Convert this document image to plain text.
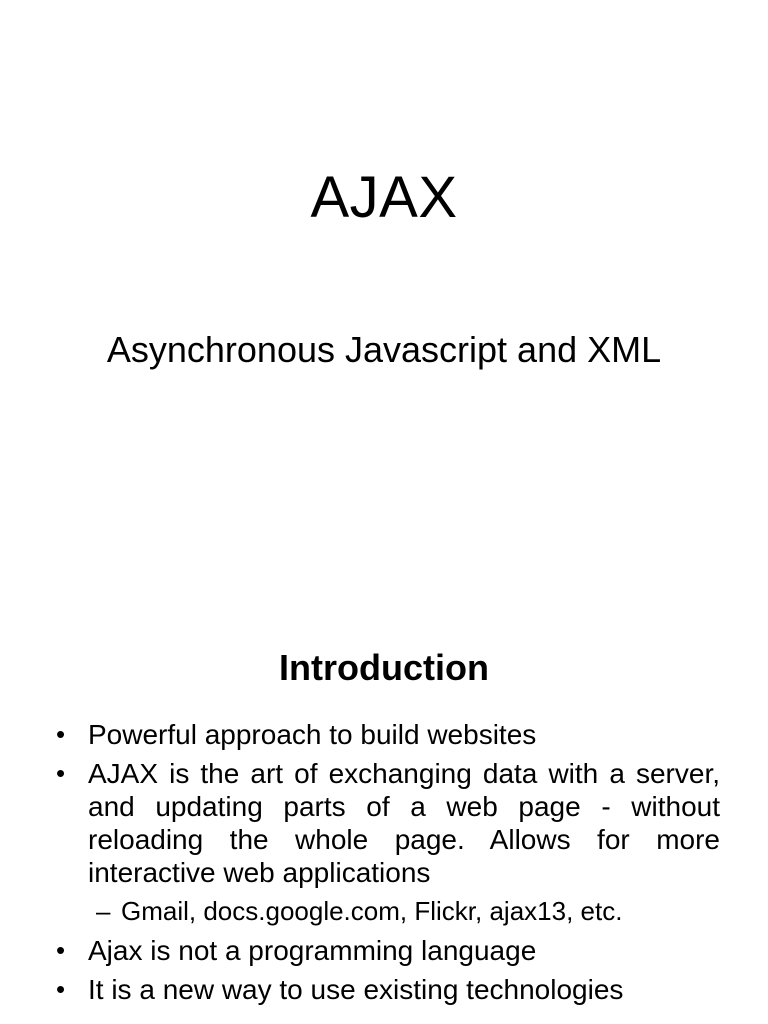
AJAX
Asynchronous Javascript and XML
Introduction
• Powerful approach to build websites
• AJAX is the art of exchanging data with a server, and updating parts of a web page - without reloading the whole page. Allows for more interactive web applications
– Gmail, docs.google.com, Flickr, ajax13, etc.
• Ajax is not a programming language
• It is a new way to use existing technologies
